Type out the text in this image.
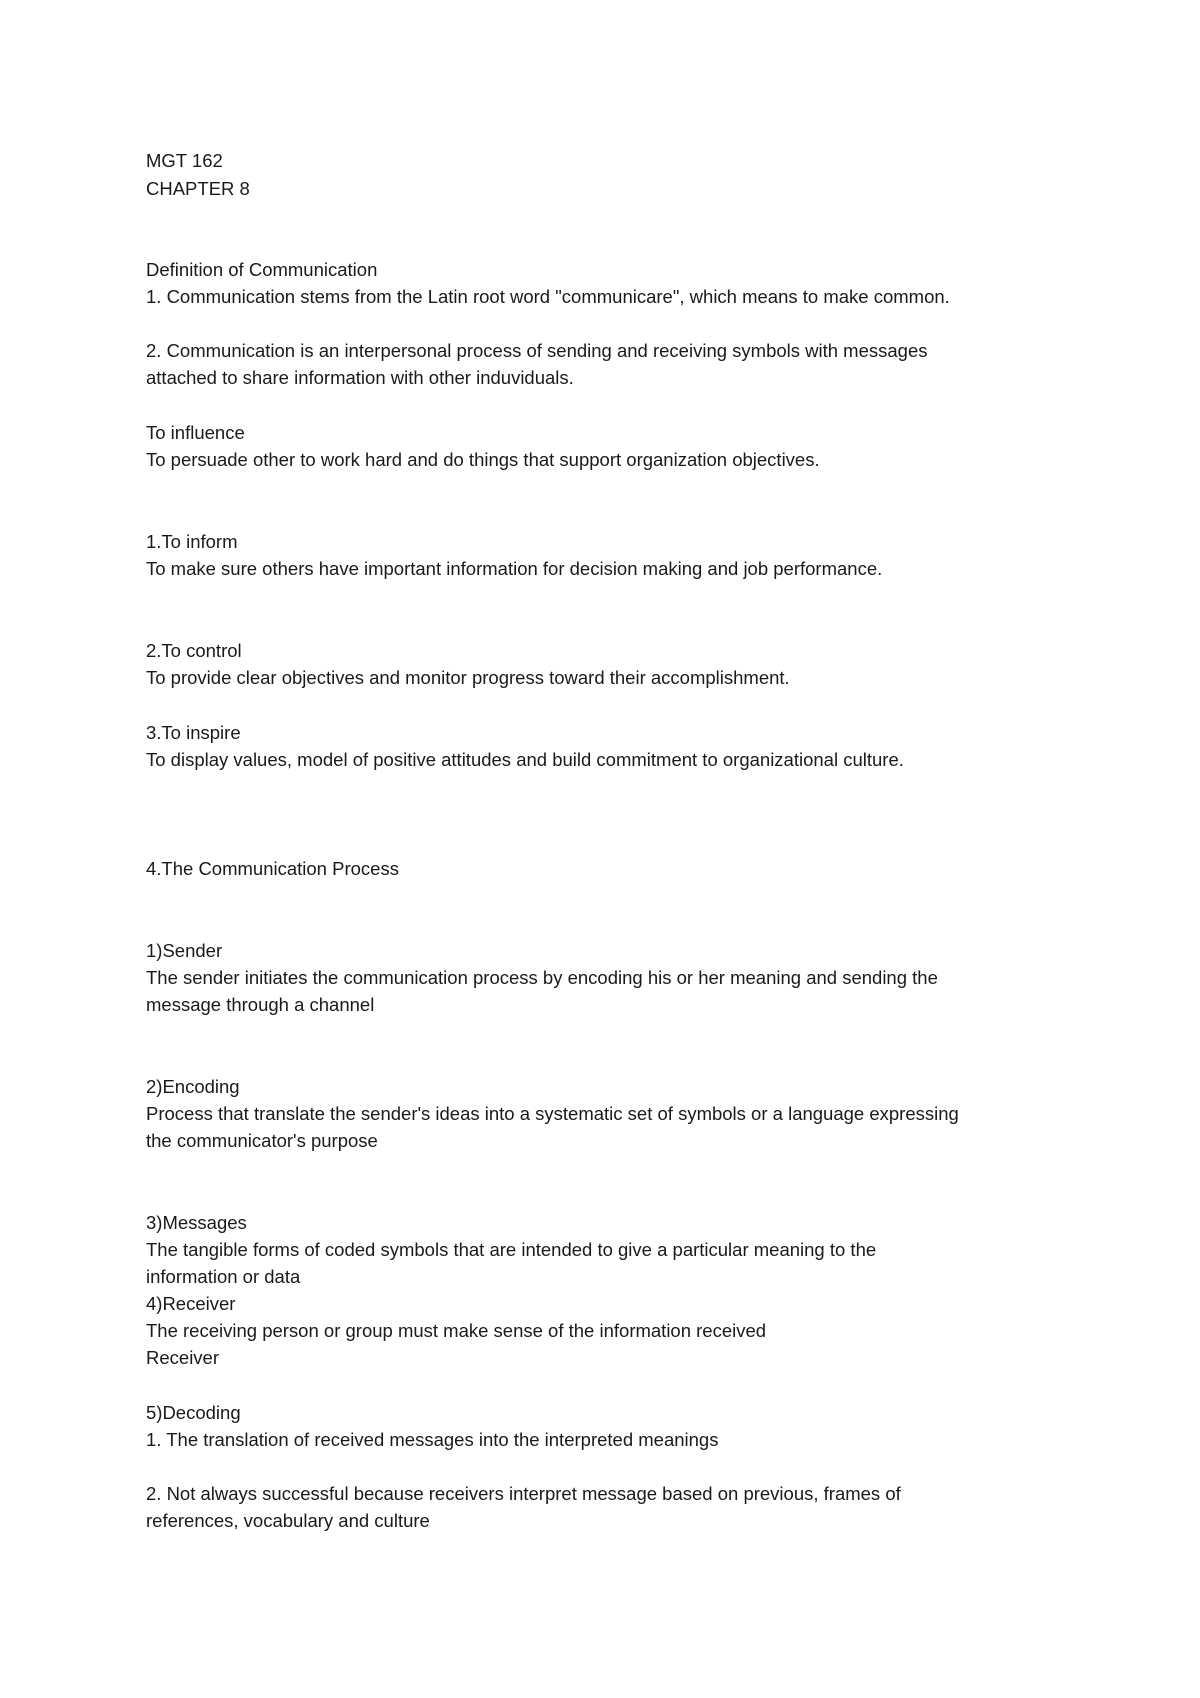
MGT 162
CHAPTER 8
Definition of Communication
1. Communication stems from the Latin root word "communicare", which means to make common.
2. Communication is an interpersonal process of sending and receiving symbols with messages
attached to share information with other induviduals.
To influence
To persuade other to work hard and do things that support organization objectives.
1.To inform
To make sure others have important information for decision making and job performance.
2.To control
To provide clear objectives and monitor progress toward their accomplishment.
3.To inspire
To display values, model of positive attitudes and build commitment to organizational culture.
4.The Communication Process
1)Sender
The sender initiates the communication process by encoding his or her meaning and sending the
message through a channel
2)Encoding
Process that translate the sender's ideas into a systematic set of symbols or a language expressing
the communicator's purpose
3)Messages
The tangible forms of coded symbols that are intended to give a particular meaning to the
information or data
4)Receiver
The receiving person or group must make sense of the information received
Receiver
5)Decoding
1. The translation of received messages into the interpreted meanings
2. Not always successful because receivers interpret message based on previous, frames of
references, vocabulary and culture
